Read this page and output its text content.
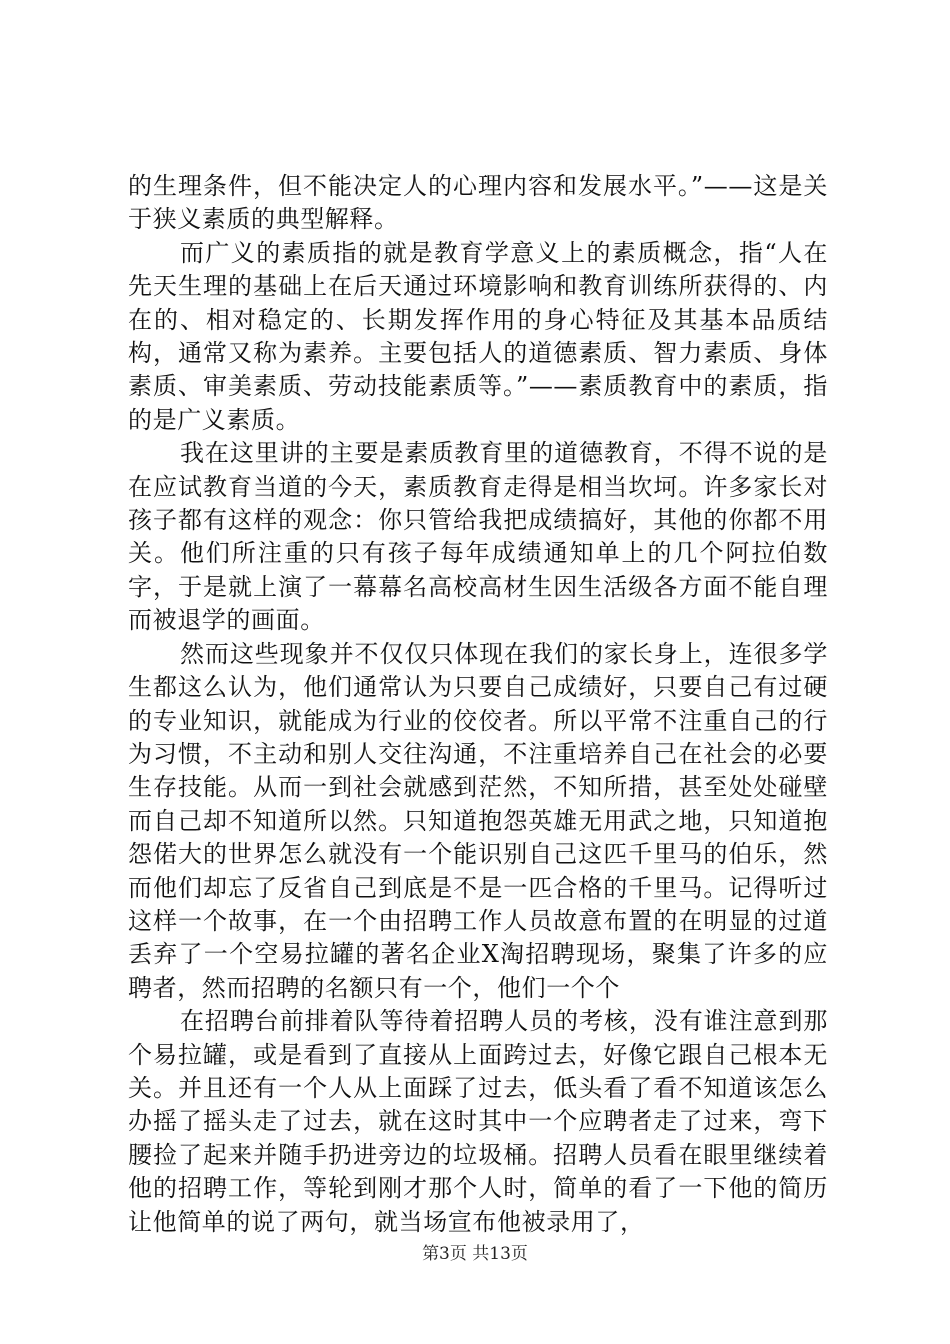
的生理条件，但不能决定人的心理内容和发展水平。”——这是关于狭义素质的典型解释。

而广义的素质指的就是教育学意义上的素质概念，指“人在先天生理的基础上在后天通过环境影响和教育训练所获得的、内在的、相对稳定的、长期发挥作用的身心特征及其基本品质结构，通常又称为素养。主要包括人的道德素质、智力素质、身体素质、审美素质、劳动技能素质等。”——素质教育中的素质，指的是广义素质。

我在这里讲的主要是素质教育里的道德教育，不得不说的是在应试教育当道的今天，素质教育走得是相当坎坷。许多家长对孩子都有这样的观念：你只管给我把成绩搞好，其他的你都不用关。他们所注重的只有孩子每年成绩通知单上的几个阿拉伯数字，于是就上演了一幕幕名高校高材生因生活级各方面不能自理而被退学的画面。

然而这些现象并不仅仅只体现在我们的家长身上，连很多学生都这么认为，他们通常认为只要自己成绩好，只要自己有过硬的专业知识，就能成为行业的佼佼者。所以平常不注重自己的行为习惯，不主动和别人交往沟通，不注重培养自己在社会的必要生存技能。从而一到社会就感到茫然，不知所措，甚至处处碰壁而自己却不知道所以然。只知道抱怨英雄无用武之地，只知道抱怨偌大的世界怎么就没有一个能识别自己这匹千里马的伯乐，然而他们却忘了反省自己到底是不是一匹合格的千里马。记得听过这样一个故事，在一个由招聘工作人员故意布置的在明显的过道丢弃了一个空易拉罐的著名企业X淘招聘现场，聚集了许多的应聘者，然而招聘的名额只有一个，他们一个个

在招聘台前排着队等待着招聘人员的考核，没有谁注意到那个易拉罐，或是看到了直接从上面跨过去，好像它跟自己根本无关。并且还有一个人从上面踩了过去，低头看了看不知道该怎么办摇了摇头走了过去，就在这时其中一个应聘者走了过来，弯下腰捡了起来并随手扔进旁边的垃圾桶。招聘人员看在眼里继续着他的招聘工作，等轮到刚才那个人时，简单的看了一下他的简历让他简单的说了两句，就当场宣布他被录用了，

第3页 共13页
